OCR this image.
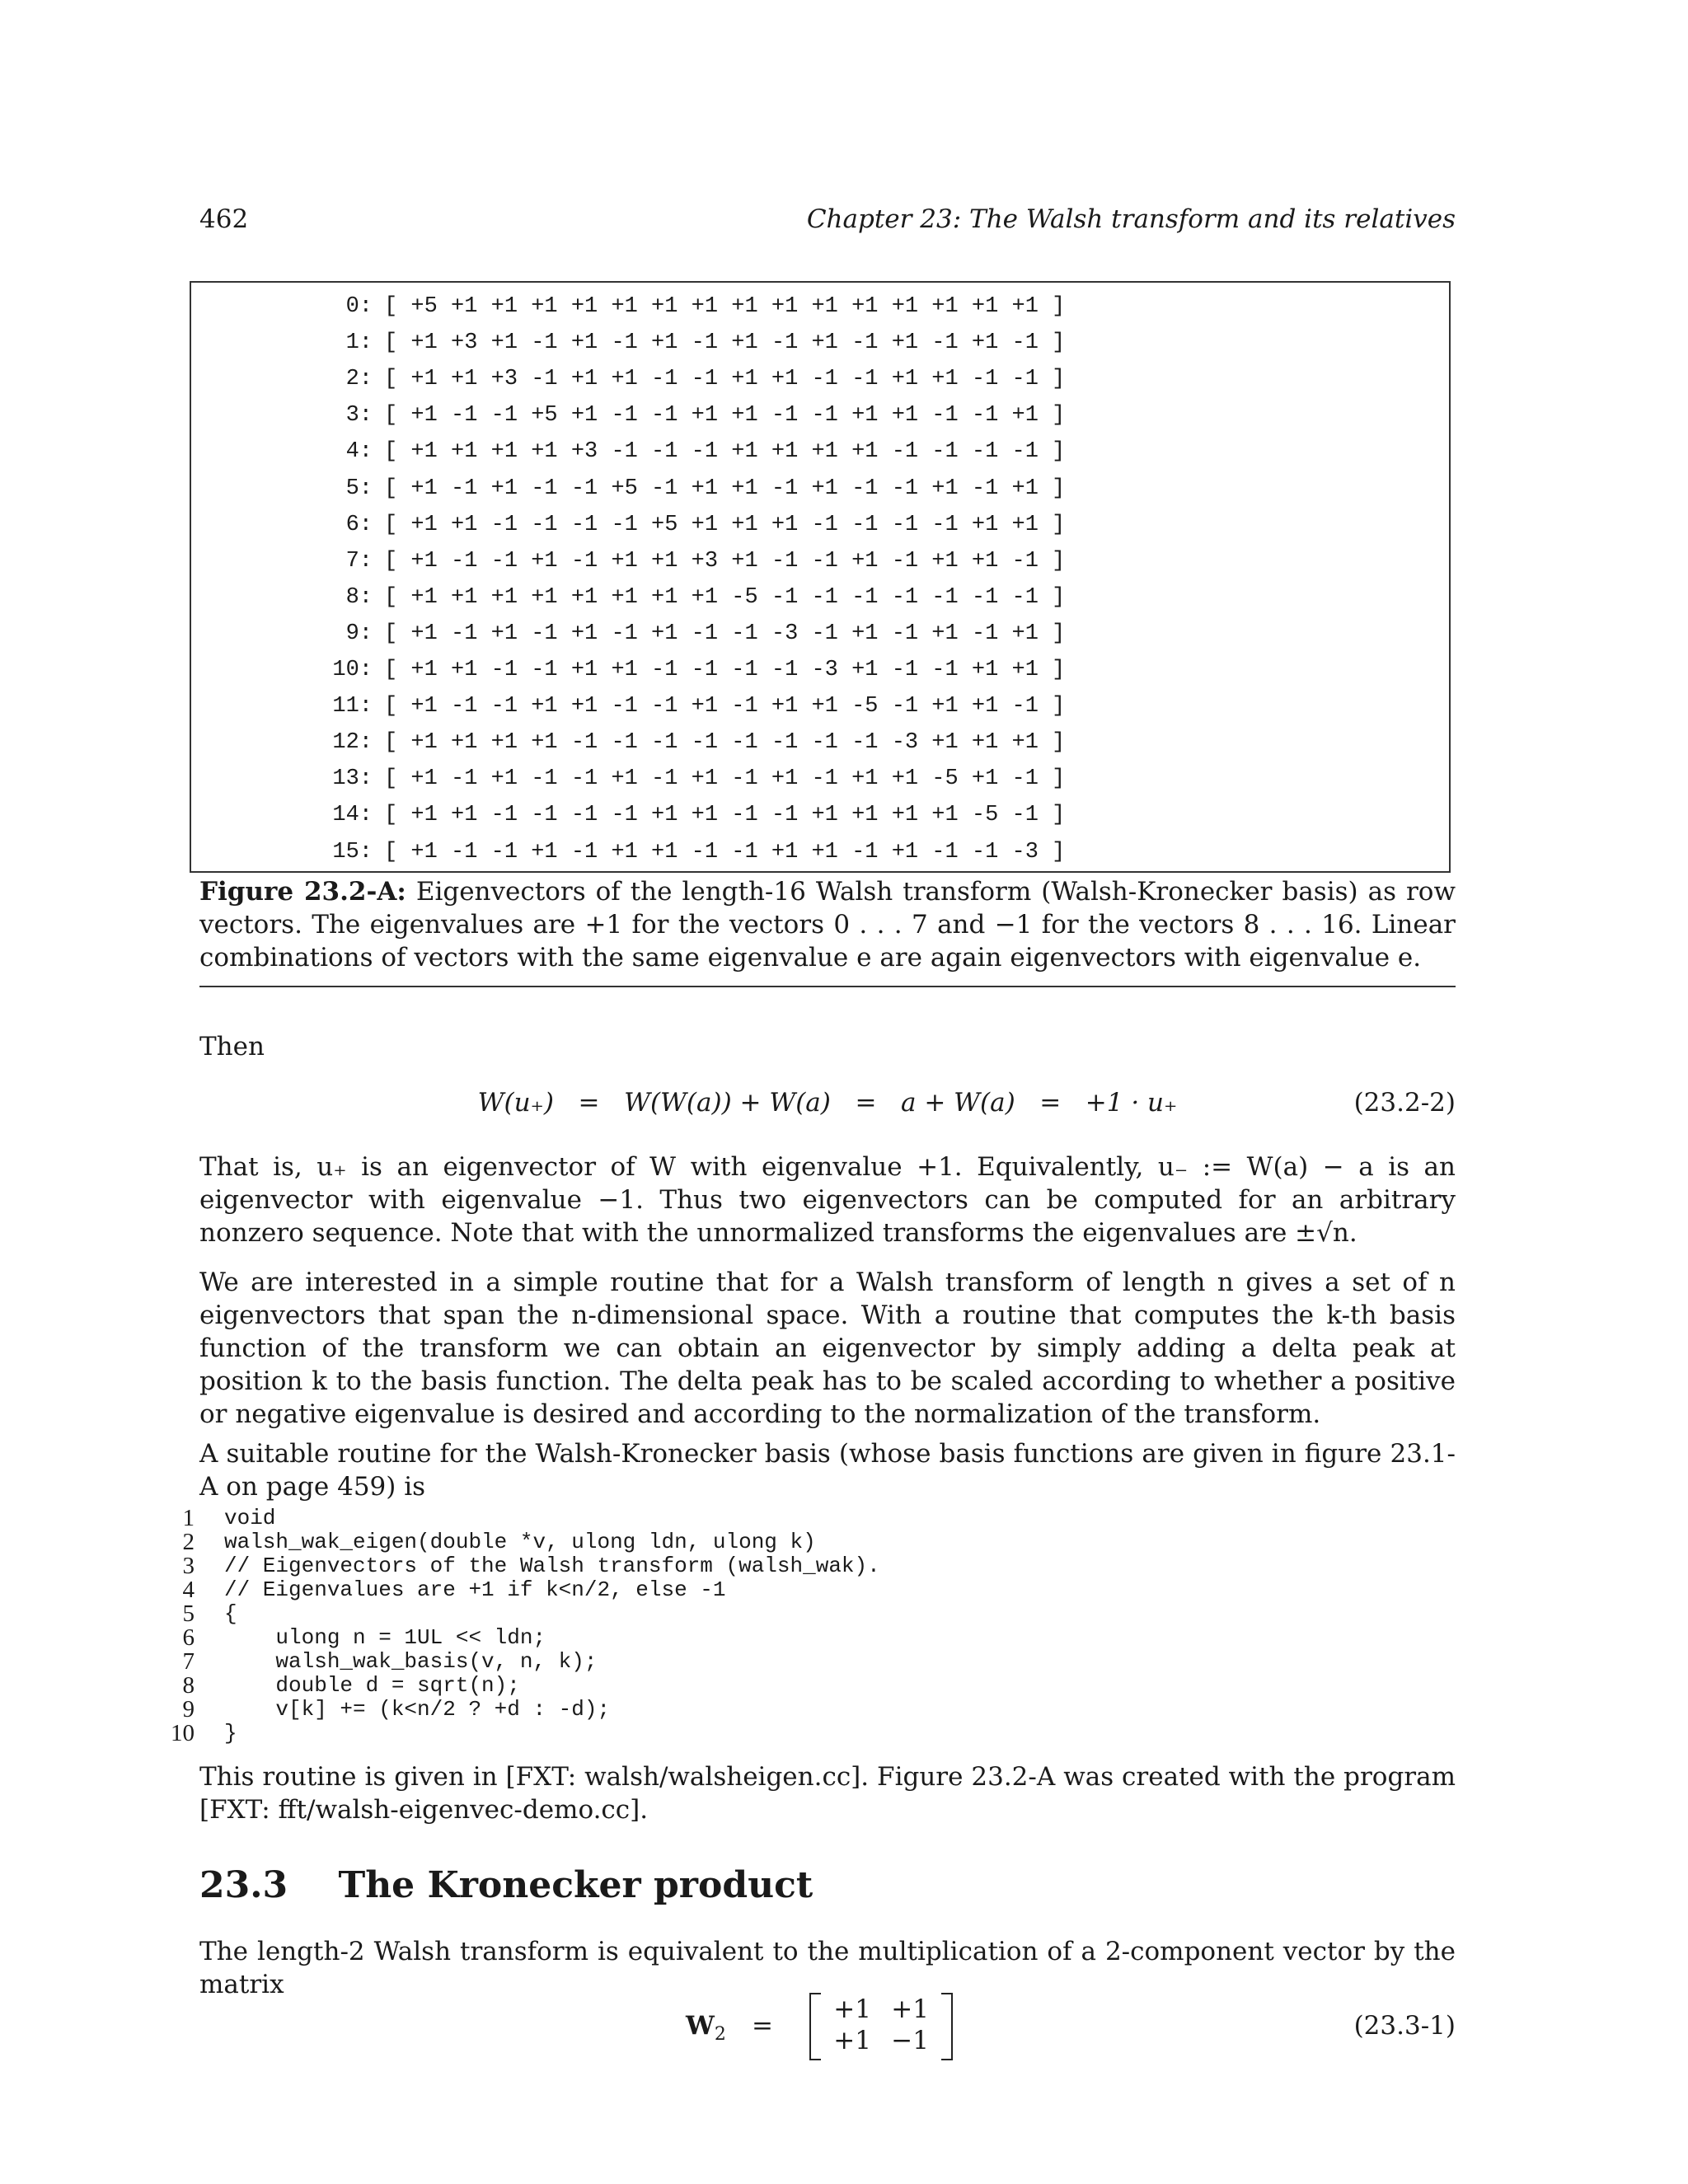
462	Chapter 23: The Walsh transform and its relatives
0: [ +5 +1 +1 +1 +1 +1 +1 +1 +1 +1 +1 +1 +1 +1 +1 +1 ]
1: [ +1 +3 +1 -1 +1 -1 +1 -1 +1 -1 +1 -1 +1 -1 +1 -1 ]
2: [ +1 +1 +3 -1 +1 +1 -1 -1 +1 +1 -1 -1 +1 +1 -1 -1 ]
3: [ +1 -1 -1 +5 +1 -1 -1 +1 +1 -1 -1 +1 +1 -1 -1 +1 ]
4: [ +1 +1 +1 +1 +3 -1 -1 -1 +1 +1 +1 +1 -1 -1 -1 -1 ]
5: [ +1 -1 +1 -1 -1 +5 -1 +1 +1 -1 +1 -1 -1 +1 -1 +1 ]
6: [ +1 +1 -1 -1 -1 -1 +5 +1 +1 +1 -1 -1 -1 -1 +1 +1 ]
7: [ +1 -1 -1 +1 -1 +1 +1 +3 +1 -1 -1 +1 -1 +1 +1 -1 ]
8: [ +1 +1 +1 +1 +1 +1 +1 +1 -5 -1 -1 -1 -1 -1 -1 -1 ]
9: [ +1 -1 +1 -1 +1 -1 +1 -1 -1 -3 -1 +1 -1 +1 -1 +1 ]
10: [ +1 +1 -1 -1 +1 +1 -1 -1 -1 -1 -3 +1 -1 -1 +1 +1 ]
11: [ +1 -1 -1 +1 +1 -1 -1 +1 -1 +1 +1 -5 -1 +1 +1 -1 ]
12: [ +1 +1 +1 +1 -1 -1 -1 -1 -1 -1 -1 -1 -3 +1 +1 +1 ]
13: [ +1 -1 +1 -1 -1 +1 -1 +1 -1 +1 -1 +1 +1 -5 +1 -1 ]
14: [ +1 +1 -1 -1 -1 -1 +1 +1 -1 -1 +1 +1 +1 +1 -5 -1 ]
15: [ +1 -1 -1 +1 -1 +1 +1 -1 -1 +1 +1 -1 +1 -1 -1 -3 ]
Figure 23.2-A: Eigenvectors of the length-16 Walsh transform (Walsh-Kronecker basis) as row vectors. The eigenvalues are +1 for the vectors 0 . . . 7 and −1 for the vectors 8 . . . 16. Linear combinations of vectors with the same eigenvalue e are again eigenvectors with eigenvalue e.
Then
W(u₊)   =   W(W(a)) + W(a)   =   a + W(a)   =   +1 · u₊	(23.2-2)
That is, u₊ is an eigenvector of W with eigenvalue +1. Equivalently, u₋ := W(a) − a is an eigenvector with eigenvalue −1. Thus two eigenvectors can be computed for an arbitrary nonzero sequence. Note that with the unnormalized transforms the eigenvalues are ±√n.
We are interested in a simple routine that for a Walsh transform of length n gives a set of n eigenvectors that span the n-dimensional space. With a routine that computes the k-th basis function of the transform we can obtain an eigenvector by simply adding a delta peak at position k to the basis function. The delta peak has to be scaled according to whether a positive or negative eigenvalue is desired and according to the normalization of the transform.
A suitable routine for the Walsh-Kronecker basis (whose basis functions are given in figure 23.1-A on page 459) is
1 void
2 walsh_wak_eigen(double *v, ulong ldn, ulong k)
3 // Eigenvectors of the Walsh transform (walsh_wak).
4 // Eigenvalues are +1 if k<n/2, else -1
5 {
6 ulong n = 1UL << ldn;
7 walsh_wak_basis(v, n, k);
8 double d = sqrt(n);
9 v[k] += (k<n/2 ? +d : -d);
10 }
This routine is given in [FXT: walsh/walsheigen.cc]. Figure 23.2-A was created with the program [FXT: fft/walsh-eigenvec-demo.cc].
23.3 The Kronecker product
The length-2 Walsh transform is equivalent to the multiplication of a 2-component vector by the matrix
$W_2$ =
+1 +1
+1 −1	(23.3-1)
